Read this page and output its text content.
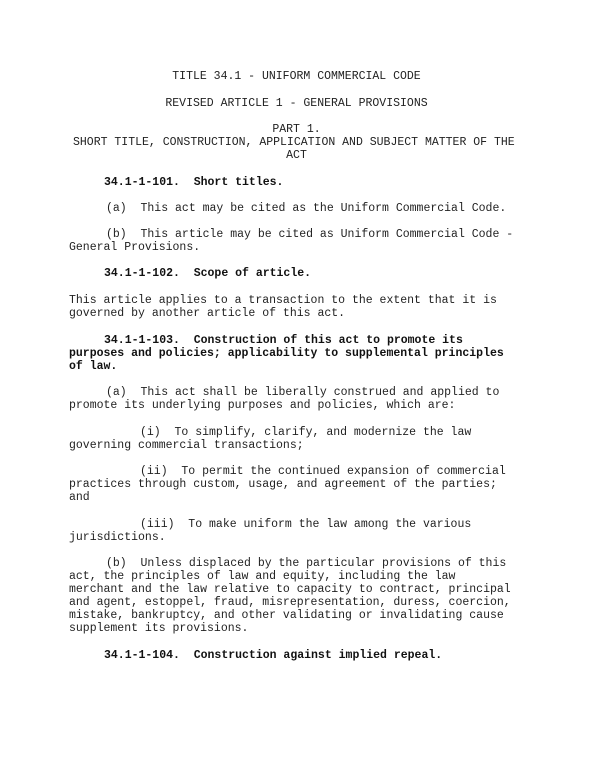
TITLE 34.1 - UNIFORM COMMERCIAL CODE
REVISED ARTICLE 1 - GENERAL PROVISIONS
PART 1.
SHORT TITLE, CONSTRUCTION, APPLICATION AND SUBJECT MATTER OF THE
ACT
34.1-1-101.  Short titles.
(a)  This act may be cited as the Uniform Commercial Code.
(b)  This article may be cited as Uniform Commercial Code -
General Provisions.
34.1-1-102.  Scope of article.
This article applies to a transaction to the extent that it is
governed by another article of this act.
34.1-1-103.  Construction of this act to promote its
purposes and policies; applicability to supplemental principles
of law.
(a)  This act shall be liberally construed and applied to
promote its underlying purposes and policies, which are:
(i)  To simplify, clarify, and modernize the law
governing commercial transactions;
(ii)  To permit the continued expansion of commercial
practices through custom, usage, and agreement of the parties;
and
(iii)  To make uniform the law among the various
jurisdictions.
(b)  Unless displaced by the particular provisions of this
act, the principles of law and equity, including the law
merchant and the law relative to capacity to contract, principal
and agent, estoppel, fraud, misrepresentation, duress, coercion,
mistake, bankruptcy, and other validating or invalidating cause
supplement its provisions.
34.1-1-104.  Construction against implied repeal.
